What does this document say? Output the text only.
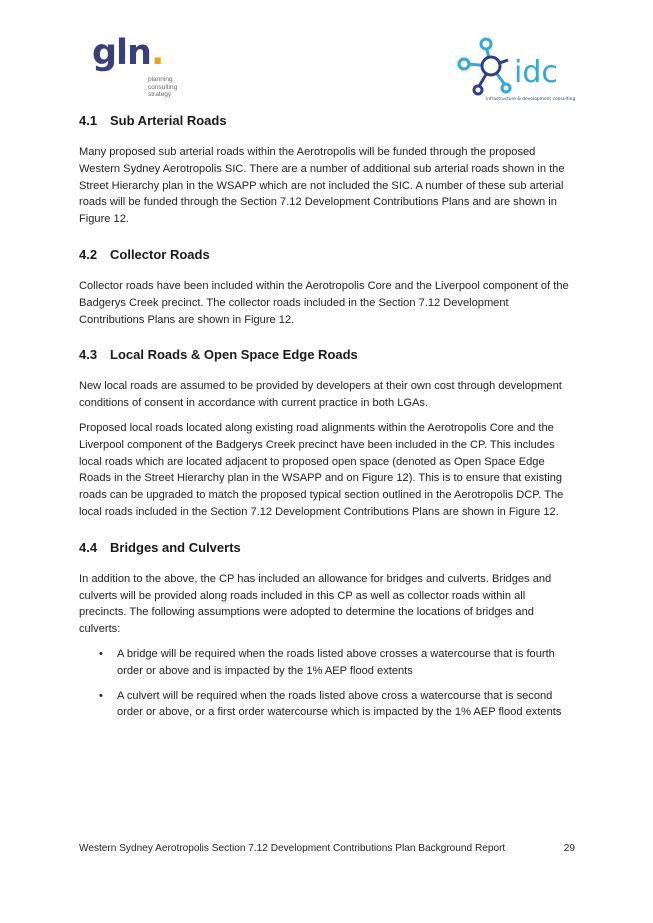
gln.
planning
consulting
strategy
idc
infrastructure & development consulting
4.1 Sub Arterial Roads

Many proposed sub arterial roads within the Aerotropolis will be funded through the proposed Western Sydney Aerotropolis SIC. There are a number of additional sub arterial roads shown in the Street Hierarchy plan in the WSAPP which are not included the SIC. A number of these sub arterial roads will be funded through the Section 7.12 Development Contributions Plans and are shown in Figure 12.

4.2 Collector Roads

Collector roads have been included within the Aerotropolis Core and the Liverpool component of the Badgerys Creek precinct. The collector roads included in the Section 7.12 Development Contributions Plans are shown in Figure 12.

4.3 Local Roads & Open Space Edge Roads

New local roads are assumed to be provided by developers at their own cost through development conditions of consent in accordance with current practice in both LGAs.

Proposed local roads located along existing road alignments within the Aerotropolis Core and the Liverpool component of the Badgerys Creek precinct have been included in the CP. This includes local roads which are located adjacent to proposed open space (denoted as Open Space Edge Roads in the Street Hierarchy plan in the WSAPP and on Figure 12). This is to ensure that existing roads can be upgraded to match the proposed typical section outlined in the Aerotropolis DCP. The local roads included in the Section 7.12 Development Contributions Plans are shown in Figure 12.

4.4 Bridges and Culverts

In addition to the above, the CP has included an allowance for bridges and culverts. Bridges and culverts will be provided along roads included in this CP as well as collector roads within all precincts. The following assumptions were adopted to determine the locations of bridges and culverts:

• A bridge will be required when the roads listed above crosses a watercourse that is fourth order or above and is impacted by the 1% AEP flood extents
• A culvert will be required when the roads listed above cross a watercourse that is second order or above, or a first order watercourse which is impacted by the 1% AEP flood extents
Western Sydney Aerotropolis Section 7.12 Development Contributions Plan Background Report	29
